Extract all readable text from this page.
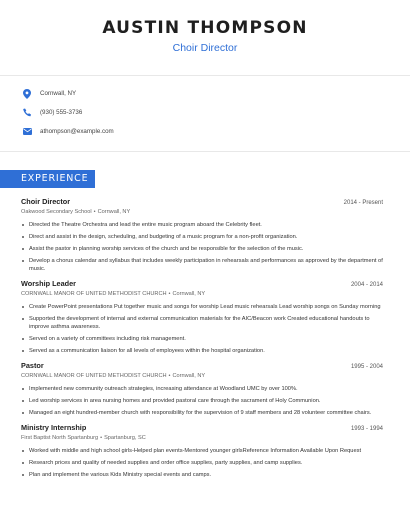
AUSTIN THOMPSON
Choir Director
Cornwall, NY
(930) 555-3736
athompson@example.com
EXPERIENCE
Choir Director	2014 - Present
Oakwood Secondary School • Cornwall, NY
Directed the Theatre Orchestra and lead the entire music program aboard the Celebrity fleet.
Direct and assist in the design, scheduling, and budgeting of a music program for a non-profit organization.
Assist the pastor in planning worship services of the church and be responsible for the selection of the music.
Develop a chorus calendar and syllabus that includes weekly participation in rehearsals and performances as approved by the department of music.
Worship Leader	2004 - 2014
CORNWALL MANOR OF UNITED METHODIST CHURCH • Cornwall, NY
Create PowerPoint presentations Put together music and songs for worship Lead music rehearsals Lead worship songs on Sunday morning
Supported the development of internal and external communication materials for the AIC/Beacon work Created educational handouts to improve asthma awareness.
Served on a variety of committees including risk management.
Served as a communication liaison for all levels of employees within the hospital organization.
Pastor	1995 - 2004
CORNWALL MANOR OF UNITED METHODIST CHURCH • Cornwall, NY
Implemented new community outreach strategies, increasing attendance at Woodland UMC by over 100%.
Led worship services in area nursing homes and provided pastoral care through the sacrament of Holy Communion.
Managed an eight hundred-member church with responsibility for the supervision of 9 staff members and 28 volunteer committee chairs.
Ministry Internship	1993 - 1994
First Baptist North Spartanburg • Spartanburg, SC
Worked with middle and high school girls-Helped plan events-Mentored younger girlsReference Information Available Upon Request
Research prices and quality of needed supplies and order office supplies, party supplies, and camp supplies.
Plan and implement the various Kids Ministry special events and camps.
